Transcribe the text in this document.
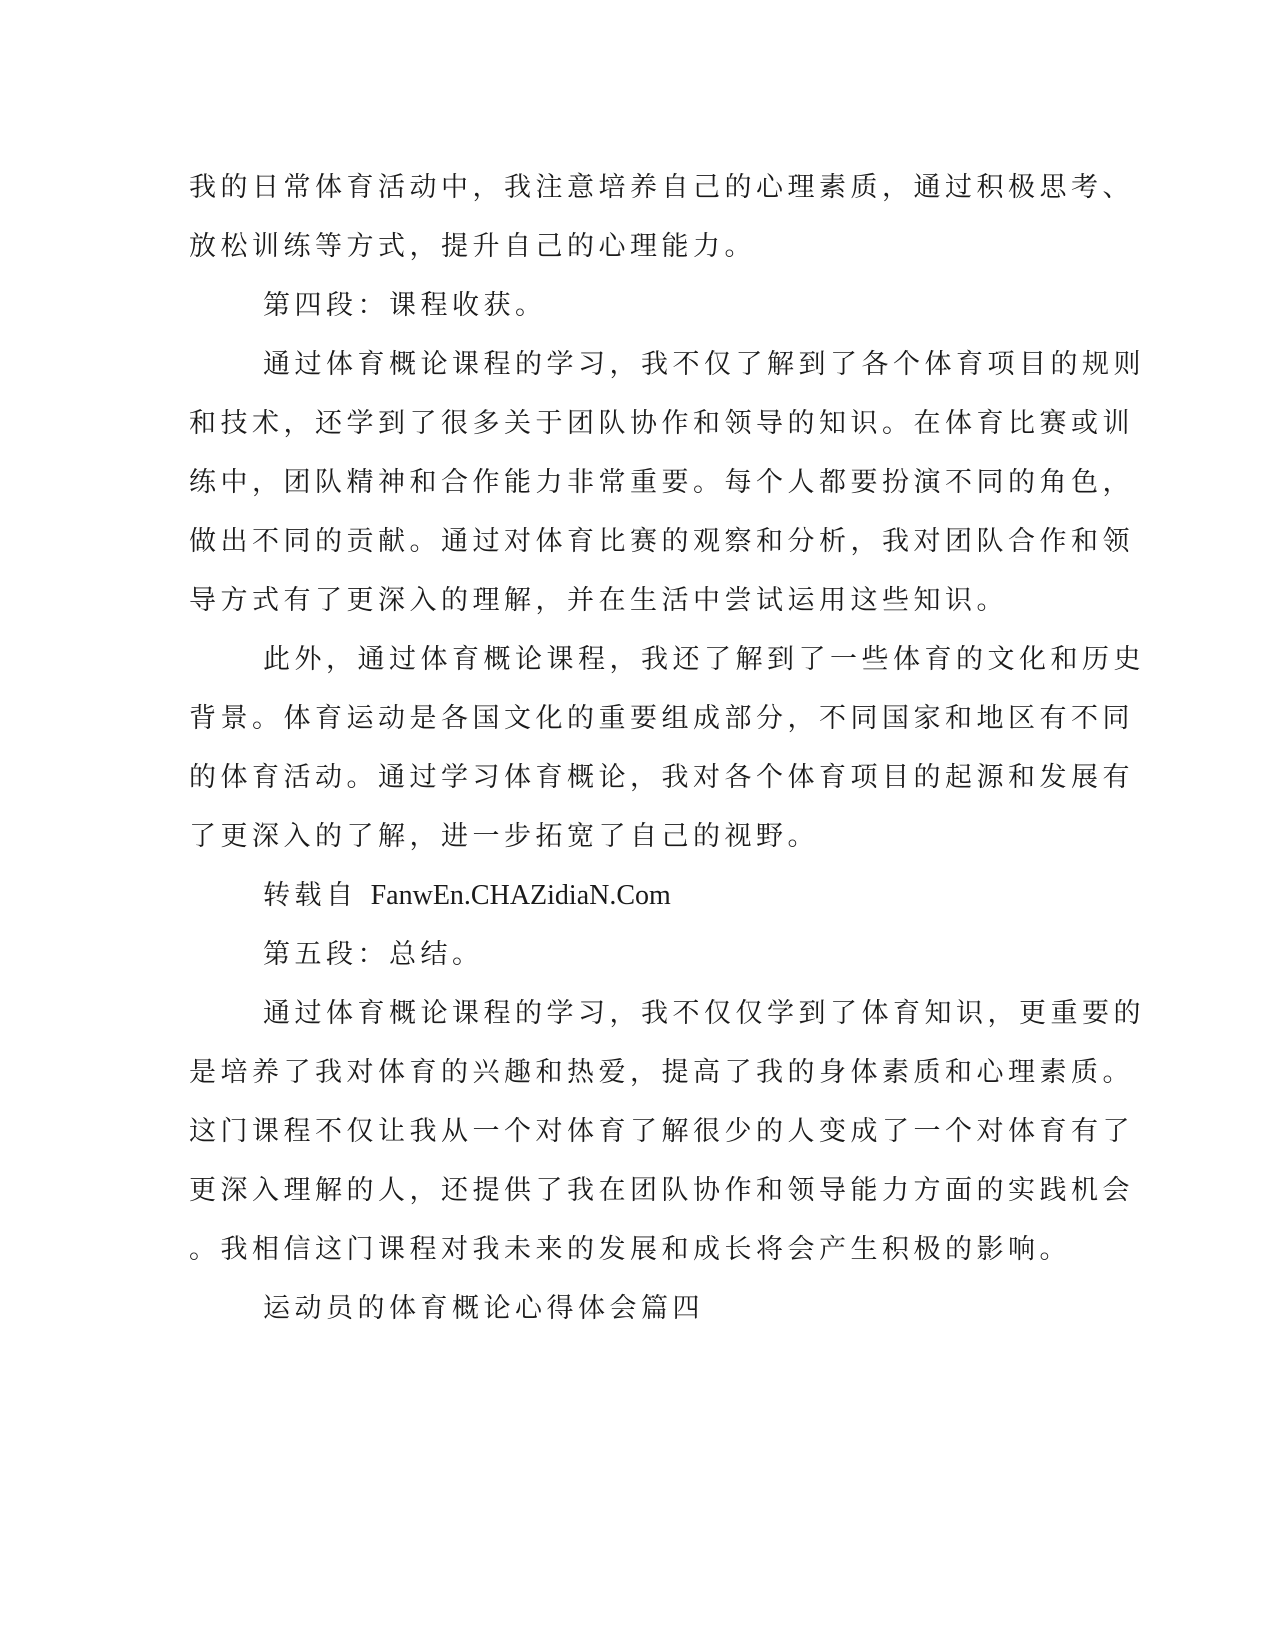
我的日常体育活动中，我注意培养自己的心理素质，通过积极思考、
放松训练等方式，提升自己的心理能力。
第四段：课程收获。
通过体育概论课程的学习，我不仅了解到了各个体育项目的规则
和技术，还学到了很多关于团队协作和领导的知识。在体育比赛或训
练中，团队精神和合作能力非常重要。每个人都要扮演不同的角色，
做出不同的贡献。通过对体育比赛的观察和分析，我对团队合作和领
导方式有了更深入的理解，并在生活中尝试运用这些知识。
此外，通过体育概论课程，我还了解到了一些体育的文化和历史
背景。体育运动是各国文化的重要组成部分，不同国家和地区有不同
的体育活动。通过学习体育概论，我对各个体育项目的起源和发展有
了更深入的了解，进一步拓宽了自己的视野。
转载自 FanwEn.CHAZidiaN.Com
第五段：总结。
通过体育概论课程的学习，我不仅仅学到了体育知识，更重要的
是培养了我对体育的兴趣和热爱，提高了我的身体素质和心理素质。
这门课程不仅让我从一个对体育了解很少的人变成了一个对体育有了
更深入理解的人，还提供了我在团队协作和领导能力方面的实践机会
。我相信这门课程对我未来的发展和成长将会产生积极的影响。
运动员的体育概论心得体会篇四
